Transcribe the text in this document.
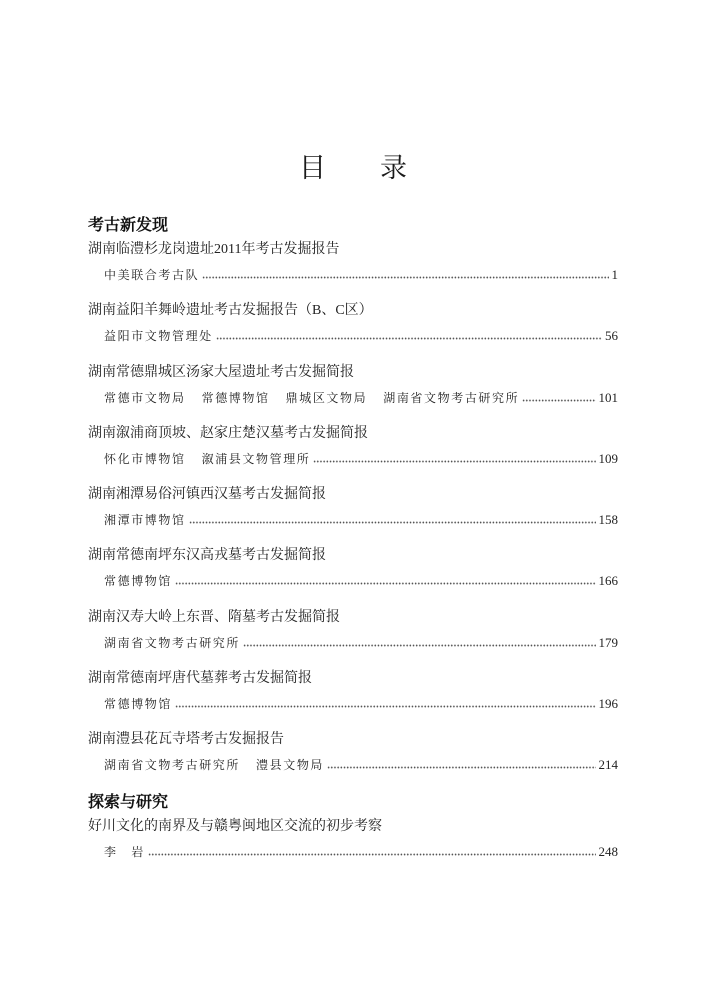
目录
考古新发现
湖南临澧杉龙岗遗址2011年考古发掘报告
中美联合考古队	1
湖南益阳羊舞岭遗址考古发掘报告（B、C区）
益阳市文物管理处	56
湖南常德鼎城区汤家大屋遗址考古发掘简报
常德市文物局 常德博物馆 鼎城区文物局 湖南省文物考古研究所	101
湖南溆浦商顶坡、赵家庄楚汉墓考古发掘简报
怀化市博物馆 溆浦县文物管理所	109
湖南湘潭易俗河镇西汉墓考古发掘简报
湘潭市博物馆	158
湖南常德南坪东汉高戎墓考古发掘简报
常德博物馆	166
湖南汉寿大岭上东晋、隋墓考古发掘简报
湖南省文物考古研究所	179
湖南常德南坪唐代墓葬考古发掘简报
常德博物馆	196
湖南澧县花瓦寺塔考古发掘报告
湖南省文物考古研究所 澧县文物局	214
探索与研究
好川文化的南界及与赣粤闽地区交流的初步考察
李　岩	248
